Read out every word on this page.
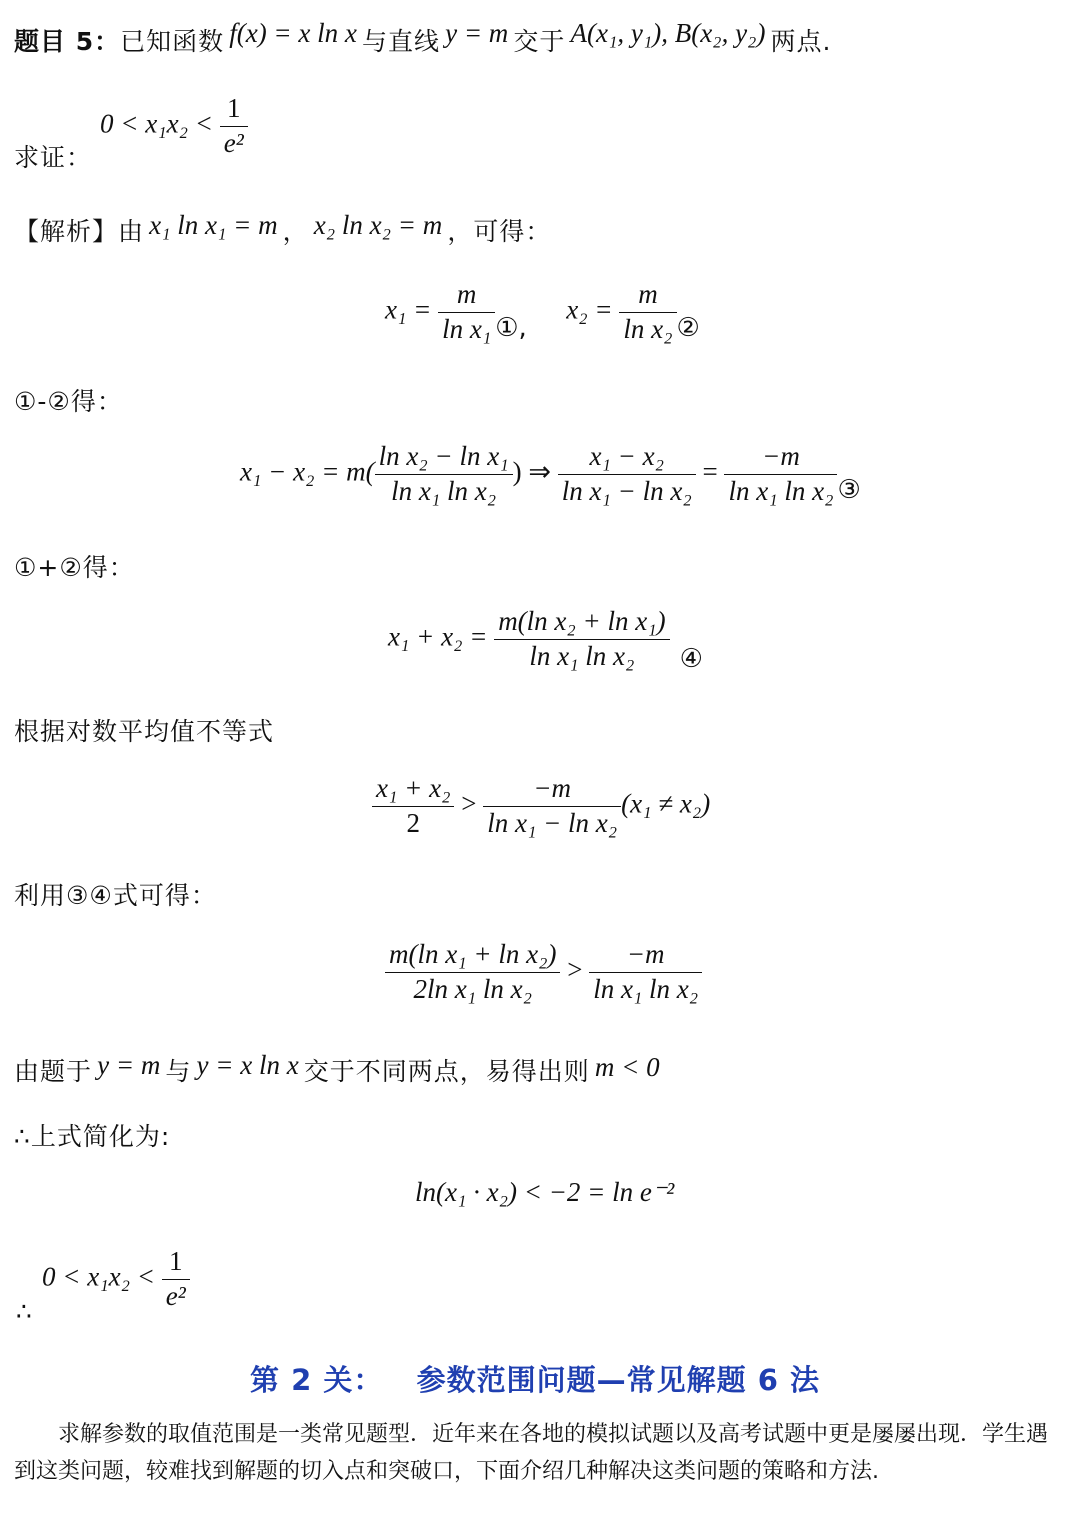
题目 5：已知函数 f(x) = x ln x 与直线 y = m 交于 A(x₁, y₁), B(x₂, y₂) 两点.
$0 < x_1x_2 < \frac{1}{\text{e²}}$
求证：
【解析】由 x₁ ln x₁ = m ， x₂ ln x₂ = m ，可得：
$x_1 = \frac{m}{\text{ln x₁}}$ ①,  $x_2 = \frac{m}{\text{ln x₂}}$ ②
①-②得：
$x_1 - x_2 = m( \frac{\text{ln x₂ − ln x₁}}{\text{ln x₁ ln x₂}}$ ) ⇒ $\frac{\text{x₁ − x₂}}{\text{ln x₁ − ln x₂}} = \frac{-m}{\text{ln x₁ ln x₂}}$ ③
①+②得：
$x_1 + x_2 = \frac{\text{m(ln x₂ + ln x₁)}}{\text{ln x₁ ln x₂}}$ ④
根据对数平均值不等式
$\frac{\text{x₁ + x₂}}{2} > \frac{-m}{\text{ln x₁ − ln x₂}} (x_1 \ne x_2)$
利用③④式可得：
$\frac{\text{m(ln x₁ + ln x₂)}}{\text{2ln x₁ ln x₂}} > \frac{-m}{\text{ln x₁ ln x₂}}$
由题于 y = m 与 y = x ln x 交于不同两点，易得出则 m < 0
∴上式简化为:
ln(x₁ · x₂) < −2 = ln e⁻²
$0 < x_1x_2 < \frac{1}{\text{e²}}$
∴
第 2 关：   参数范围问题—常见解题 6 法
求解参数的取值范围是一类常见题型．近年来在各地的模拟试题以及高考试题中更是屡屡出现．学生遇到这类问题，较难找到解题的切入点和突破口，下面介绍几种解决这类问题的策略和方法.
